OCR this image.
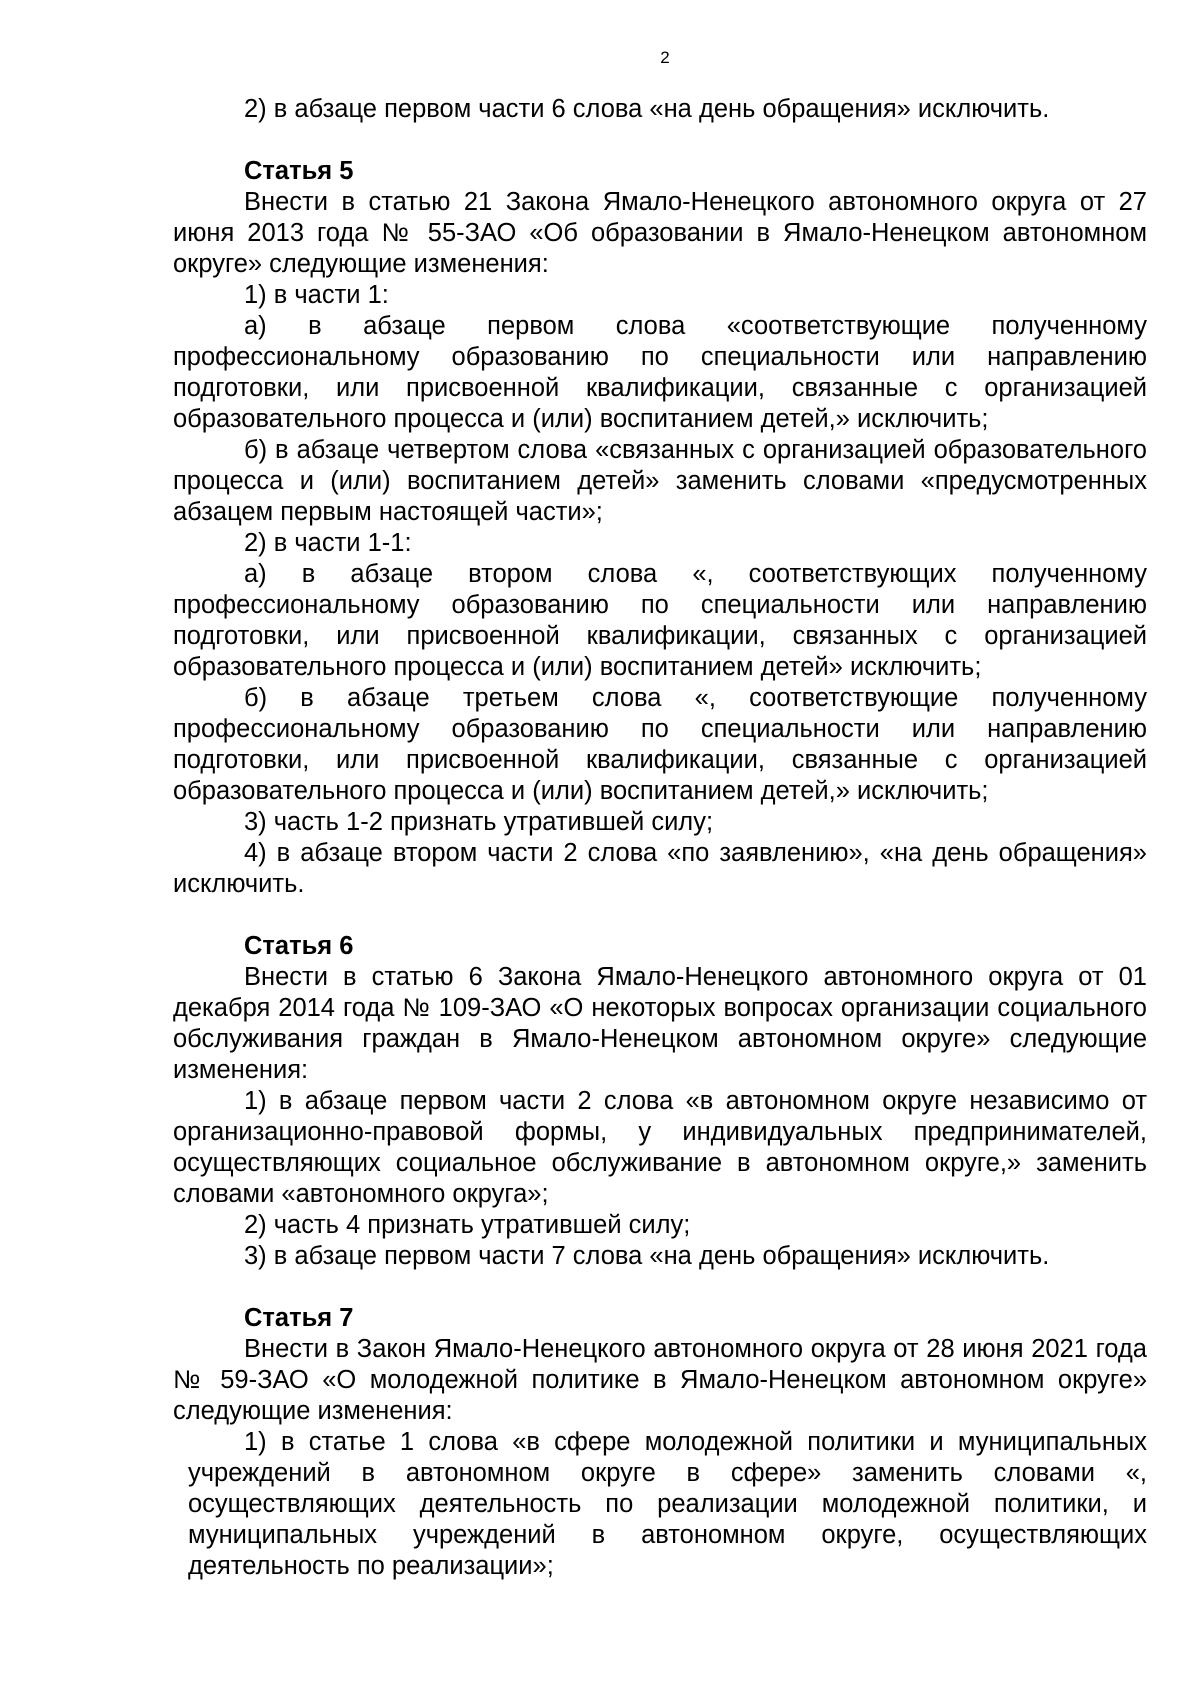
2

2) в абзаце первом части 6 слова «на день обращения» исключить.

Статья 5

Внести в статью 21 Закона Ямало-Ненецкого автономного округа от 27 июня 2013 года № 55-ЗАО «Об образовании в Ямало-Ненецком автономном округе» следующие изменения:

1) в части 1:

а) в абзаце первом слова «соответствующие полученному профессиональному образованию по специальности или направлению подготовки, или присвоенной квалификации, связанные с организацией образовательного процесса и (или) воспитанием детей,» исключить;

б) в абзаце четвертом слова «связанных с организацией образовательного процесса и (или) воспитанием детей» заменить словами «предусмотренных абзацем первым настоящей части»;

2) в части 1-1:

а) в абзаце втором слова «, соответствующих полученному профессиональному образованию по специальности или направлению подготовки, или присвоенной квалификации, связанных с организацией образовательного процесса и (или) воспитанием детей» исключить;

б) в абзаце третьем слова «, соответствующие полученному профессиональному образованию по специальности или направлению подготовки, или присвоенной квалификации, связанные с организацией образовательного процесса и (или) воспитанием детей,» исключить;

3) часть 1-2 признать утратившей силу;

4) в абзаце втором части 2 слова «по заявлению», «на день обращения» исключить.

Статья 6

Внести в статью 6 Закона Ямало-Ненецкого автономного округа от 01 декабря 2014 года № 109-ЗАО «О некоторых вопросах организации социального обслуживания граждан в Ямало-Ненецком автономном округе» следующие изменения:

1) в абзаце первом части 2 слова «в автономном округе независимо от организационно-правовой формы, у индивидуальных предпринимателей, осуществляющих социальное обслуживание в автономном округе,» заменить словами «автономного округа»;

2) часть 4 признать утратившей силу;

3) в абзаце первом части 7 слова «на день обращения» исключить.

Статья 7

Внести в Закон Ямало-Ненецкого автономного округа от 28 июня 2021 года № 59-ЗАО «О молодежной политике в Ямало-Ненецком автономном округе» следующие изменения:

1) в статье 1 слова «в сфере молодежной политики и муниципальных учреждений в автономном округе в сфере» заменить словами «, осуществляющих деятельность по реализации молодежной политики, и муниципальных учреждений в автономном округе, осуществляющих деятельность по реализации»;
